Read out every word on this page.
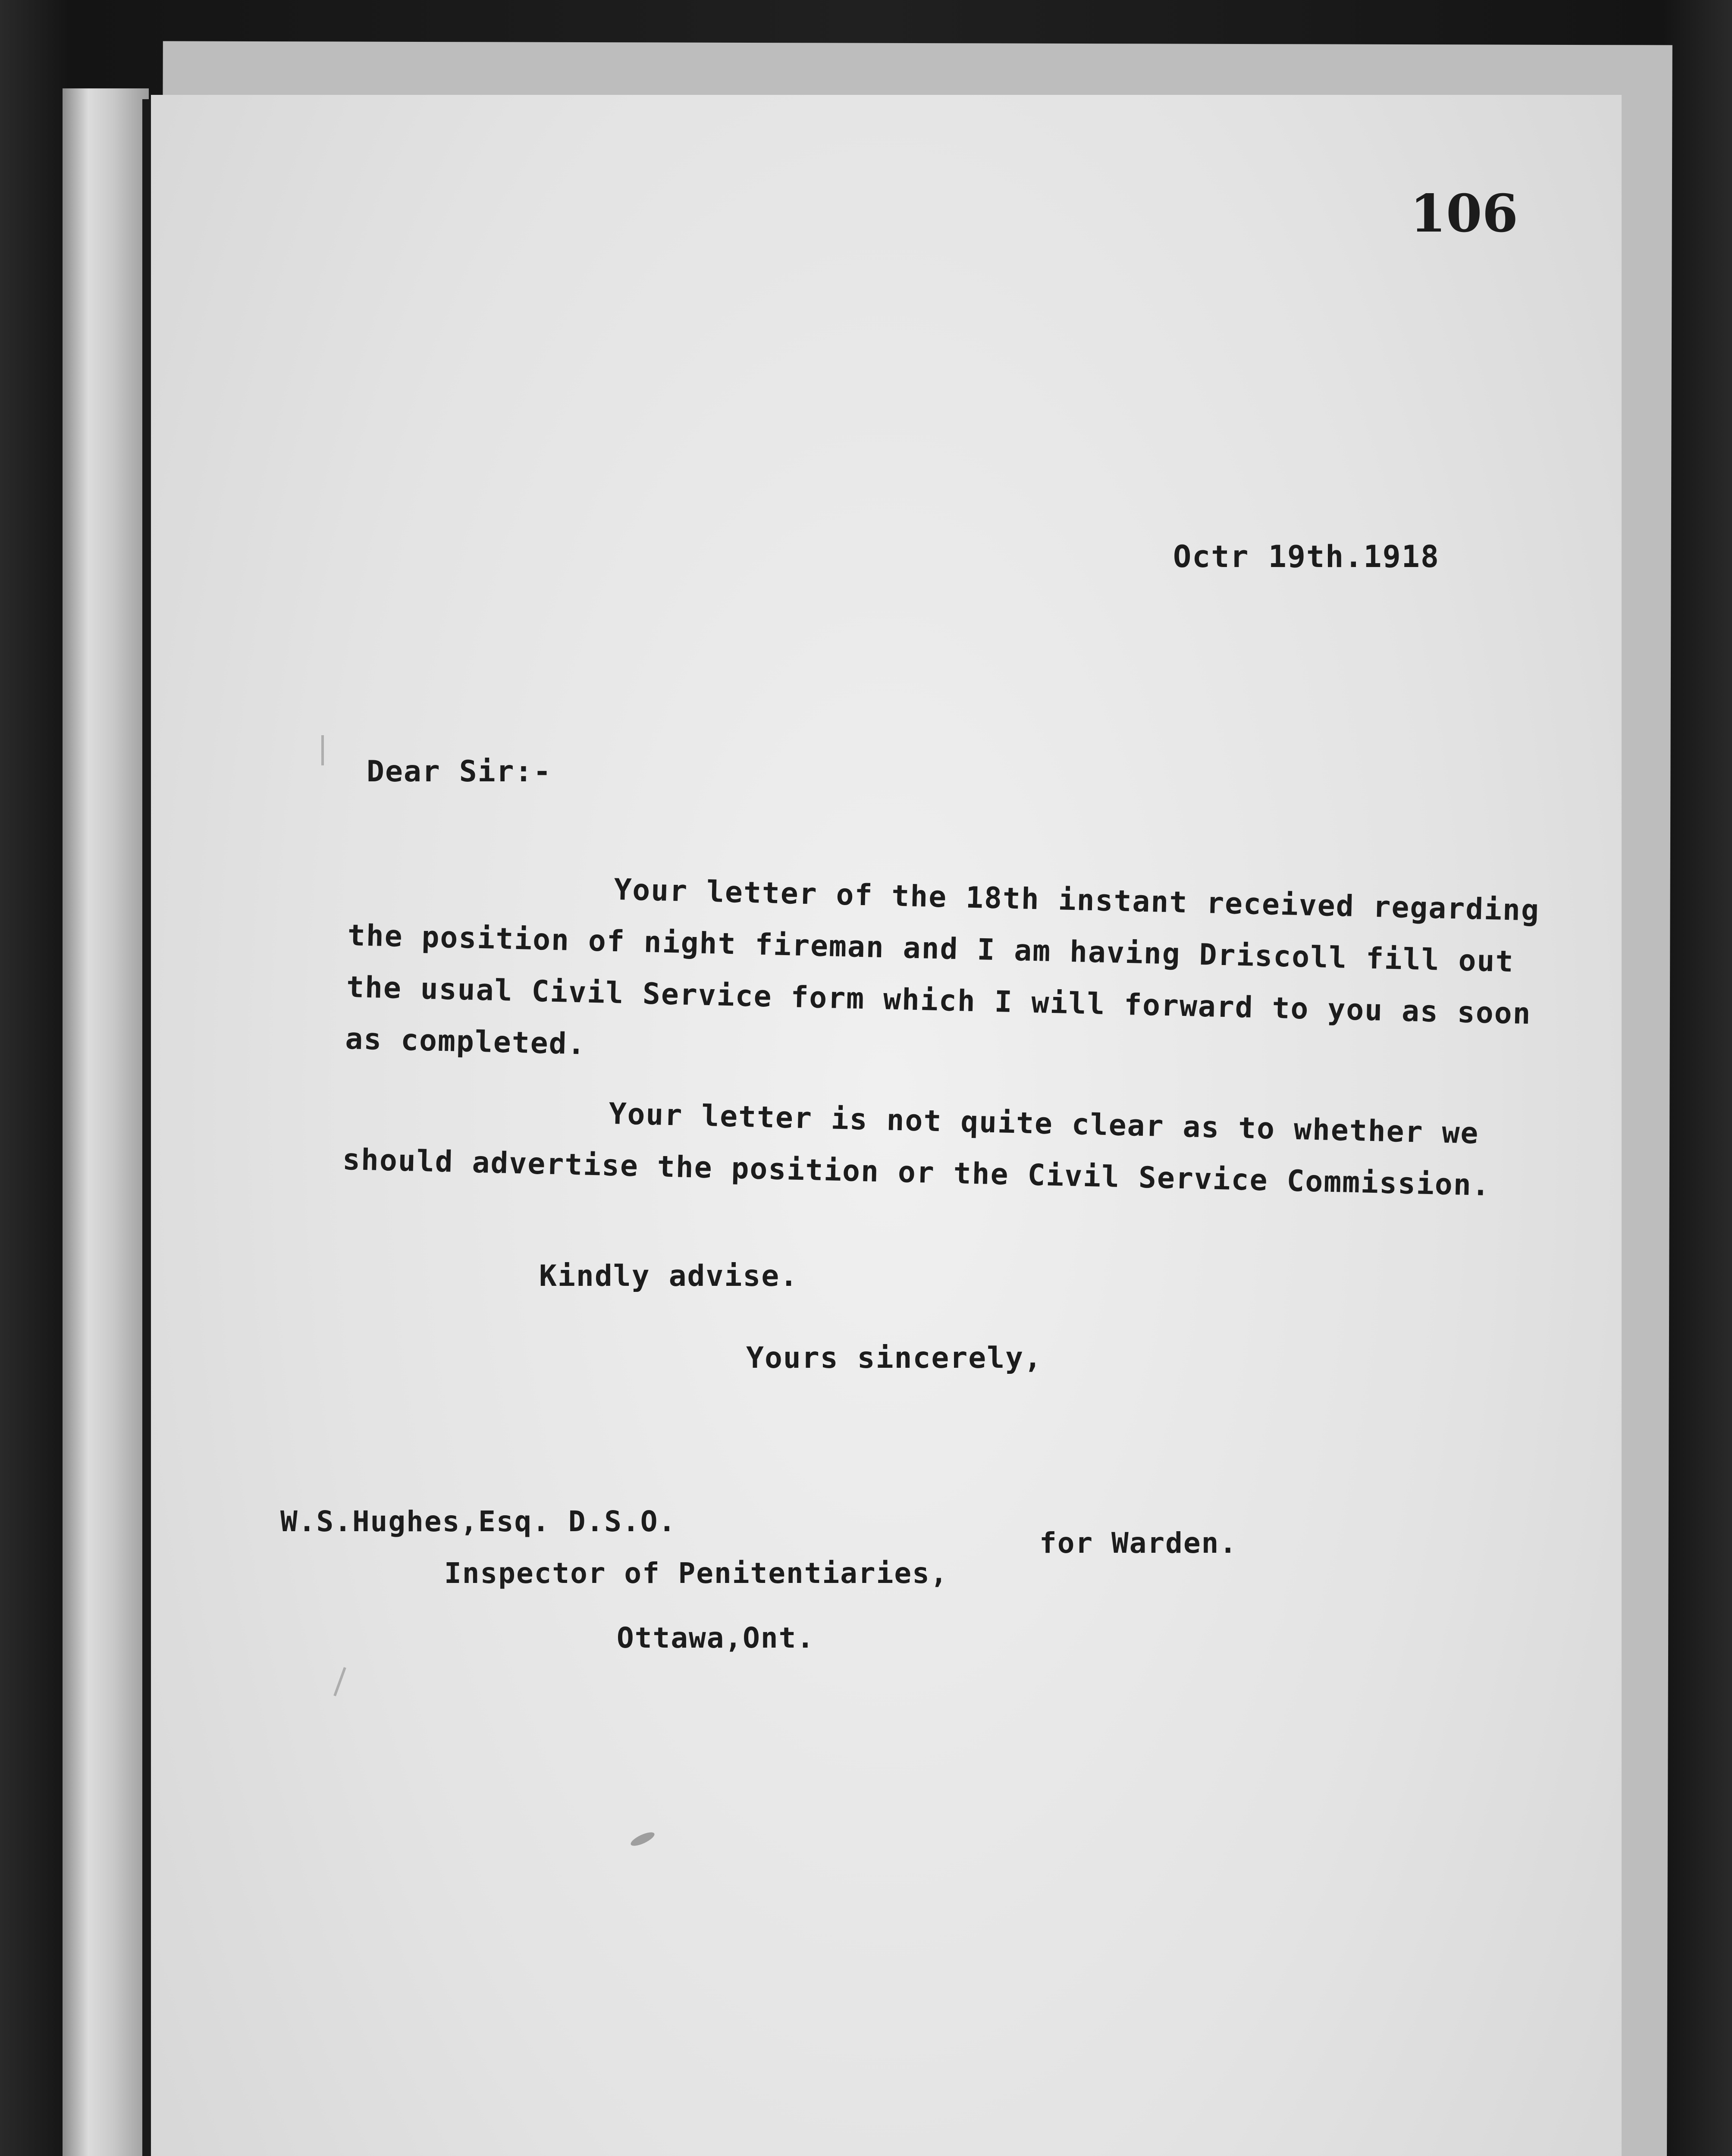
106
Octr 19th.1918
Dear Sir:-

Your letter of the 18th instant received regarding the position of night fireman and I am having Driscoll fill out the usual Civil Service form which I will forward to you as soon as completed.

Your letter is not quite clear as to whether we should advertise the position or the Civil Service Commission.

Kindly advise.
Yours sincerely,
W.S.Hughes,Esq. D.S.O.
Inspector of Penitentiaries,
Ottawa,Ont.
for Warden.
